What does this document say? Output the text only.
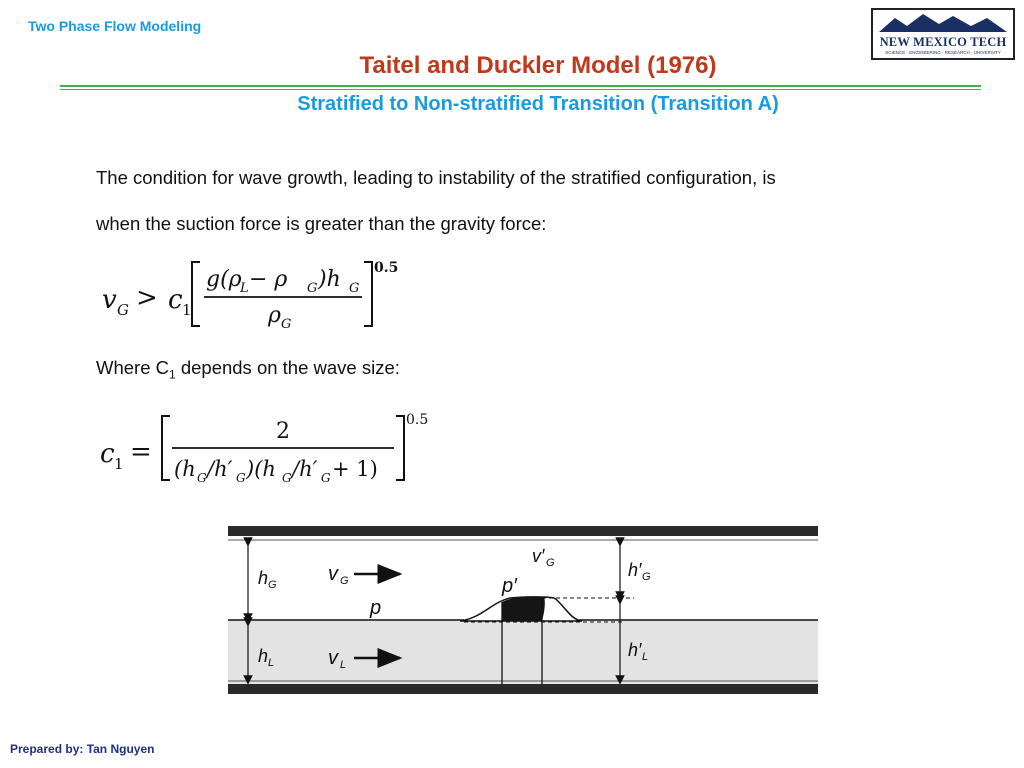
Two Phase Flow Modeling
NEW MEXICO TECH
SCIENCE · ENGINEERING · RESEARCH · UNIVERSITY
Taitel and Duckler Model (1976)
Stratified to Non-stratified Transition (Transition A)
The condition for wave growth, leading to instability of the stratified configuration, is
when the suction force is greater than the gravity force:
v G > c 1
g(ρ
L − ρ G )h G
ρ G
0.5
Where $C_1$ depends on the wave size:
c 1 =
2
(h G /h′ G )(h G /h′ G + 1)
0.5
h G
h L
v G
v L
p
p′
v′ G	h′ G
h′ L
Prepared by: Tan Nguyen
